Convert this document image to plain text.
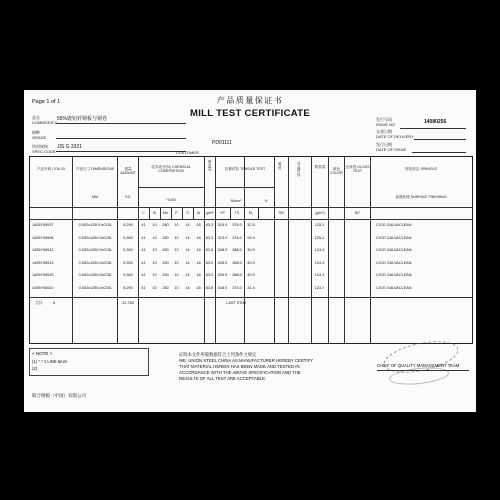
Page 1 of 1	产品质量保证书
MILL TEST CERTIFICATE
品名
COMMODITY
55%镀铝锌钢板与钢卷
钢种
GRADE
所用规格
SPEC CODE
JIS G 3321
CUSTOMER
PD01111
发行号码
ISSUE NO	14080256
交货日期
DATE OF DELIVERY
发行日期
DATE OF ISSUE
产品号码 COIL ID	产品尺寸 DIMENSIONS
MM
重量 AMOUNT
KG
化学成分(%) CHEMICAL COMPOSITION
*1000
C	Si	Mn	P	S	Al
镀层量
g/m²
拉伸试验 TENSILE TEST
N/mm²	%
YP	TS	EL
硬度
TIB
弯曲试验
附着量
(g/m²)
颜色 COLOR
光泽度 GLOSS TEST
60°
锌花形态 SPANGLE
表面处理 SURFACE FINISHING
1405Y06537	0.502x1250.0xCOIL	5,290	41	10	280	10	14	18	63.3	315.0	376.0	32.5	125.2	C/OG GALVACLEAN
1405Y06506	0.502x1250.0xCOIL	5,360	41	10	280	10	14	18	63.3	313.0	376.0	29.9	125.2	C/OG GALVACLEAN
1405Y06512	0.502x1250.0xCOIL	5,350	41	10	280	10	14	18	62.8	328.0	388.0	30.9	124.4	C/OG GALVACLEAN
1405Y06513	0.502x1250.0xCOIL	5,350	41	10	250	10	14	18	63.0	328.0	388.0	30.9	124.4	C/OG GALVACLEAN
1405Y06515	0.502x1250.0xCOIL	5,360	41	10	250	10	14	18	63.0	326.9	388.0	30.9	124.4	C/OG GALVACLEAN
1405Y06510	0.502x1250.0xCOIL	5,290	41	10	250	10	14	18	63.8	318.0	375.0	31.4	123.7	C/OG GALVACLEAN
合计	6	31,760	LAST ITEM
< NOTE >
(1) * * 1 LINE 6mm
(2)
证明本文件所载数据符合上列条件之规定
WE, UNION STEEL CHINA AS MANUFACTURER HEREBY CERTIFY
THAT MATERIAL HEREIN HAS BEEN MADE AND TESTED IN
ACCORDANCE WITH THE ABOVE SPECIFICATION AND THE
RESULTS OF ALL TEST ARE ACCEPTABLE.
CHIEF OF QUALITY MANAGEMENT TEAM
联合钢板（中国）有限公司
